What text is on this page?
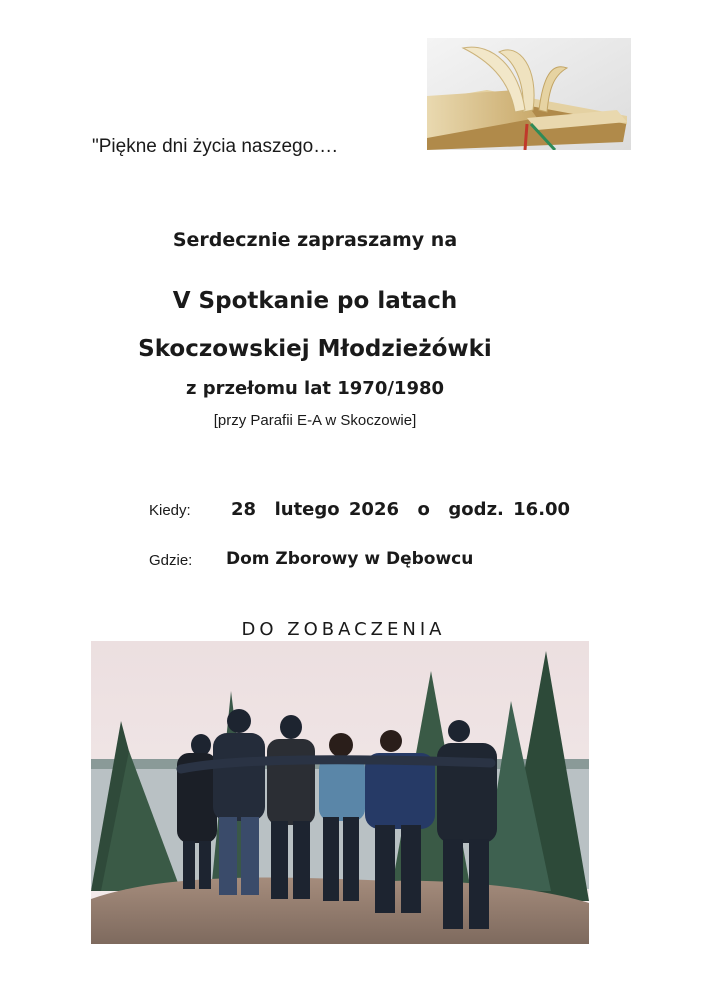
"Piękne dni życia naszego….
Serdecznie zapraszamy na
V Spotkanie po latach
Skoczowskiej Młodzieżówki
z przełomu lat 1970/1980
[przy Parafii E-A w Skoczowie]
Kiedy: 28  lutego 2026  o  godz. 16.00
Gdzie: Dom Zborowy w Dębowcu
DO ZOBACZENIA
